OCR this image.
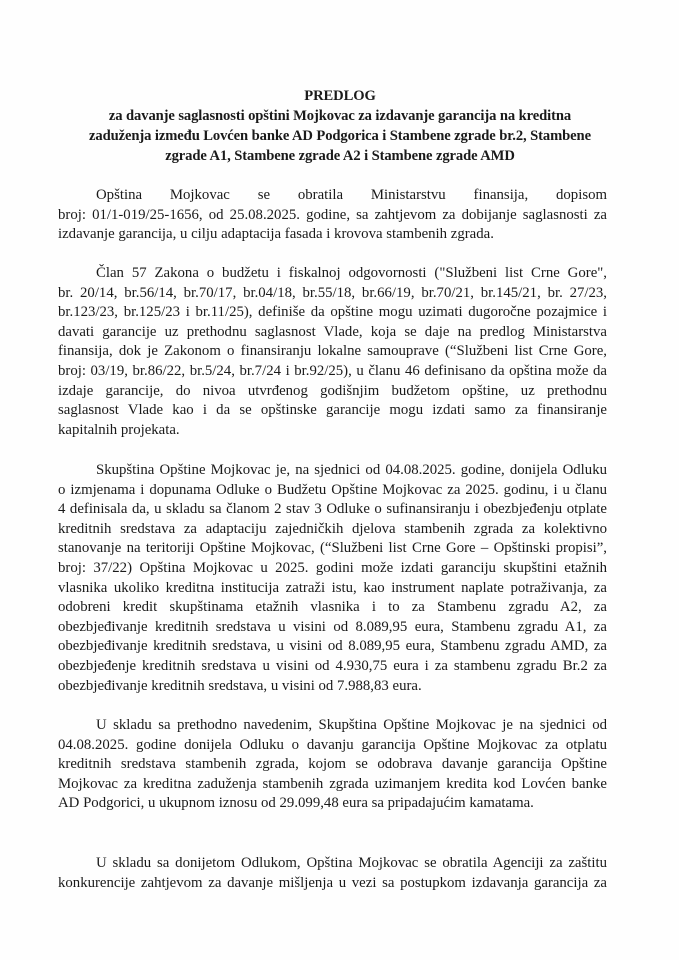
PREDLOG
za davanje saglasnosti opštini Mojkovac za izdavanje garancija na kreditna
zaduženja između Lovćen banke AD Podgorica i Stambene zgrade br.2, Stambene
zgrade A1, Stambene zgrade A2 i Stambene zgrade AMD
Opština Mojkovac se obratila Ministarstvu finansija, dopisom
broj: 01/1-019/25-1656, od 25.08.2025. godine, sa zahtjevom za dobijanje saglasnosti za
izdavanje garancija, u cilju adaptacija fasada i krovova stambenih zgrada.
Član 57 Zakona o budžetu i fiskalnoj odgovornosti ("Službeni list Crne Gore",
br. 20/14, br.56/14, br.70/17, br.04/18, br.55/18, br.66/19, br.70/21, br.145/21, br. 27/23,
br.123/23, br.125/23 i br.11/25), definiše da opštine mogu uzimati dugoročne pozajmice i
davati garancije uz prethodnu saglasnost Vlade, koja se daje na predlog Ministarstva
finansija, dok je Zakonom o finansiranju lokalne samouprave (“Službeni list Crne Gore,
broj: 03/19, br.86/22, br.5/24, br.7/24 i br.92/25), u članu 46 definisano da opština može da
izdaje garancije, do nivoa utvrđenog godišnjim budžetom opštine, uz prethodnu
saglasnost Vlade kao i da se opštinske garancije mogu izdati samo za finansiranje
kapitalnih projekata.
Skupština Opštine Mojkovac je, na sjednici od 04.08.2025. godine, donijela Odluku
o izmjenama i dopunama Odluke o Budžetu Opštine Mojkovac za 2025. godinu, i u članu
4 definisala da, u skladu sa članom 2 stav 3 Odluke o sufinansiranju i obezbjeđenju otplate
kreditnih sredstava za adaptaciju zajedničkih djelova stambenih zgrada za kolektivno
stanovanje na teritoriji Opštine Mojkovac, (“Službeni list Crne Gore – Opštinski propisi”,
broj: 37/22) Opština Mojkovac u 2025. godini može izdati garanciju skupštini etažnih
vlasnika ukoliko kreditna institucija zatraži istu, kao instrument naplate potraživanja, za
odobreni kredit skupštinama etažnih vlasnika i to za Stambenu zgradu A2, za
obezbjeđivanje kreditnih sredstava u visini od 8.089,95 eura, Stambenu zgradu A1, za
obezbjeđivanje kreditnih sredstava, u visini od 8.089,95 eura, Stambenu zgradu AMD, za
obezbjeđenje kreditnih sredstava u visini od 4.930,75 eura i za stambenu zgradu Br.2 za
obezbjeđivanje kreditnih sredstava, u visini od 7.988,83 eura.
U skladu sa prethodno navedenim, Skupština Opštine Mojkovac je na sjednici od
04.08.2025. godine donijela Odluku o davanju garancija Opštine Mojkovac za otplatu
kreditnih sredstava stambenih zgrada, kojom se odobrava davanje garancija Opštine
Mojkovac za kreditna zaduženja stambenih zgrada uzimanjem kredita kod Lovćen banke
AD Podgorici, u ukupnom iznosu od 29.099,48 eura sa pripadajućim kamatama.
U skladu sa donijetom Odlukom, Opština Mojkovac se obratila Agenciji za zaštitu
konkurencije zahtjevom za davanje mišljenja u vezi sa postupkom izdavanja garancija za
